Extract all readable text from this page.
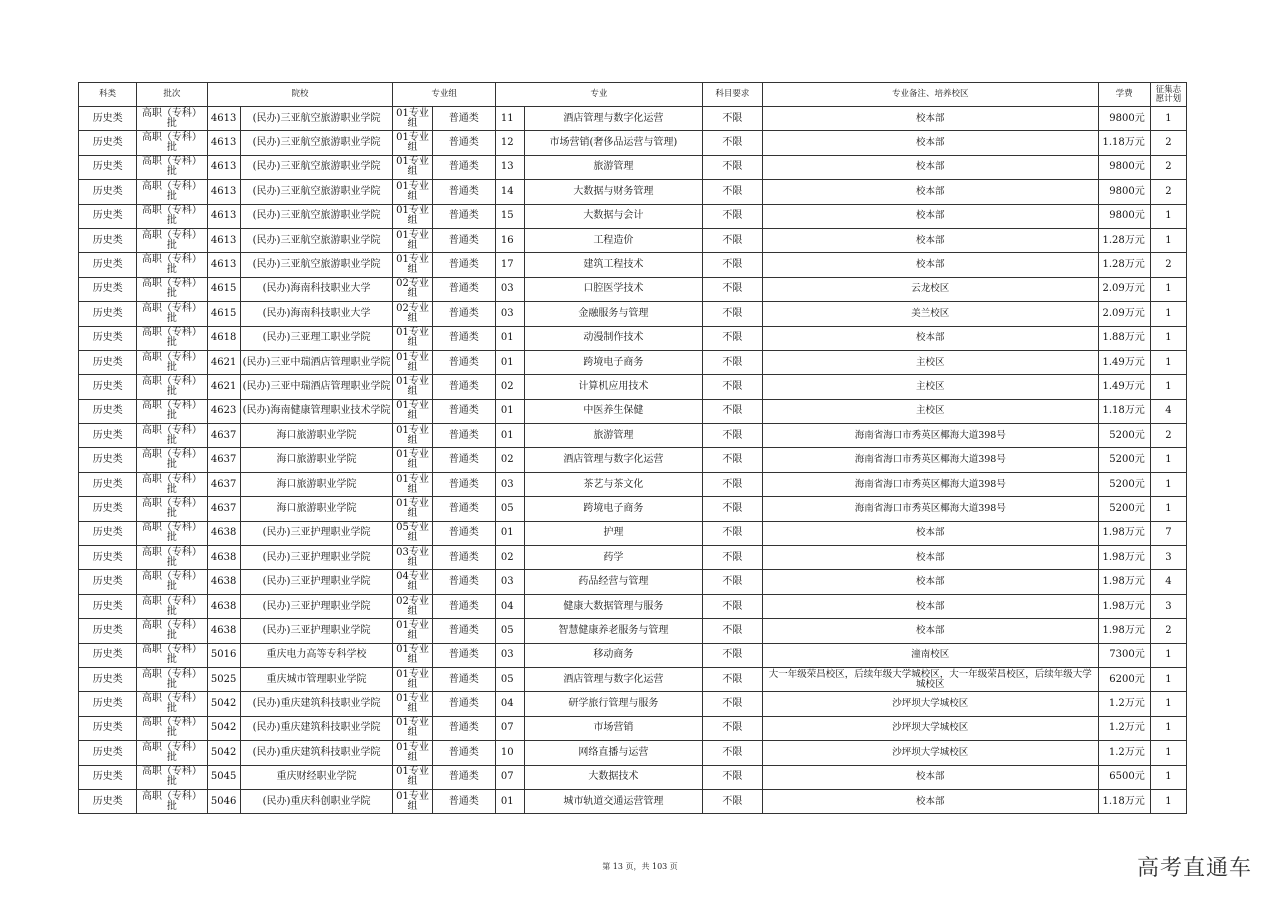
科类	批次	院校		专业组		专业		科目要求	专业备注、培养校区	学费	征集志愿计划
历史类	高职（专科）批	4613	(民办)三亚航空旅游职业学院	01专业组	普通类	11	酒店管理与数字化运营	不限	校本部	9800元	1
历史类	高职（专科）批	4613	(民办)三亚航空旅游职业学院	01专业组	普通类	12	市场营销(奢侈品运营与管理)	不限	校本部	1.18万元	2
历史类	高职（专科）批	4613	(民办)三亚航空旅游职业学院	01专业组	普通类	13	旅游管理	不限	校本部	9800元	2
历史类	高职（专科）批	4613	(民办)三亚航空旅游职业学院	01专业组	普通类	14	大数据与财务管理	不限	校本部	9800元	2
历史类	高职（专科）批	4613	(民办)三亚航空旅游职业学院	01专业组	普通类	15	大数据与会计	不限	校本部	9800元	1
历史类	高职（专科）批	4613	(民办)三亚航空旅游职业学院	01专业组	普通类	16	工程造价	不限	校本部	1.28万元	1
历史类	高职（专科）批	4613	(民办)三亚航空旅游职业学院	01专业组	普通类	17	建筑工程技术	不限	校本部	1.28万元	2
历史类	高职（专科）批	4615	(民办)海南科技职业大学	02专业组	普通类	03	口腔医学技术	不限	云龙校区	2.09万元	1
历史类	高职（专科）批	4615	(民办)海南科技职业大学	02专业组	普通类	03	金融服务与管理	不限	美兰校区	2.09万元	1
历史类	高职（专科）批	4618	(民办)三亚理工职业学院	01专业组	普通类	01	动漫制作技术	不限	校本部	1.88万元	1
历史类	高职（专科）批	4621	(民办)三亚中瑞酒店管理职业学院	01专业组	普通类	01	跨境电子商务	不限	主校区	1.49万元	1
历史类	高职（专科）批	4621	(民办)三亚中瑞酒店管理职业学院	01专业组	普通类	02	计算机应用技术	不限	主校区	1.49万元	1
历史类	高职（专科）批	4623	(民办)海南健康管理职业技术学院	01专业组	普通类	01	中医养生保健	不限	主校区	1.18万元	4
历史类	高职（专科）批	4637	海口旅游职业学院	01专业组	普通类	01	旅游管理	不限	海南省海口市秀英区椰海大道398号	5200元	2
历史类	高职（专科）批	4637	海口旅游职业学院	01专业组	普通类	02	酒店管理与数字化运营	不限	海南省海口市秀英区椰海大道398号	5200元	1
历史类	高职（专科）批	4637	海口旅游职业学院	01专业组	普通类	03	茶艺与茶文化	不限	海南省海口市秀英区椰海大道398号	5200元	1
历史类	高职（专科）批	4637	海口旅游职业学院	01专业组	普通类	05	跨境电子商务	不限	海南省海口市秀英区椰海大道398号	5200元	1
历史类	高职（专科）批	4638	(民办)三亚护理职业学院	05专业组	普通类	01	护理	不限	校本部	1.98万元	7
历史类	高职（专科）批	4638	(民办)三亚护理职业学院	03专业组	普通类	02	药学	不限	校本部	1.98万元	3
历史类	高职（专科）批	4638	(民办)三亚护理职业学院	04专业组	普通类	03	药品经营与管理	不限	校本部	1.98万元	4
历史类	高职（专科）批	4638	(民办)三亚护理职业学院	02专业组	普通类	04	健康大数据管理与服务	不限	校本部	1.98万元	3
历史类	高职（专科）批	4638	(民办)三亚护理职业学院	01专业组	普通类	05	智慧健康养老服务与管理	不限	校本部	1.98万元	2
历史类	高职（专科）批	5016	重庆电力高等专科学校	01专业组	普通类	03	移动商务	不限	潼南校区	7300元	1
历史类	高职（专科）批	5025	重庆城市管理职业学院	01专业组	普通类	05	酒店管理与数字化运营	不限	大一年级荣昌校区，后续年级大学城校区，大一年级荣昌校区，后续年级大学城校区	6200元	1
历史类	高职（专科）批	5042	(民办)重庆建筑科技职业学院	01专业组	普通类	04	研学旅行管理与服务	不限	沙坪坝大学城校区	1.2万元	1
历史类	高职（专科）批	5042	(民办)重庆建筑科技职业学院	01专业组	普通类	07	市场营销	不限	沙坪坝大学城校区	1.2万元	1
历史类	高职（专科）批	5042	(民办)重庆建筑科技职业学院	01专业组	普通类	10	网络直播与运营	不限	沙坪坝大学城校区	1.2万元	1
历史类	高职（专科）批	5045	重庆财经职业学院	01专业组	普通类	07	大数据技术	不限	校本部	6500元	1
历史类	高职（专科）批	5046	(民办)重庆科创职业学院	01专业组	普通类	01	城市轨道交通运营管理	不限	校本部	1.18万元	1
第 13 页，共 103 页	高考直通车
